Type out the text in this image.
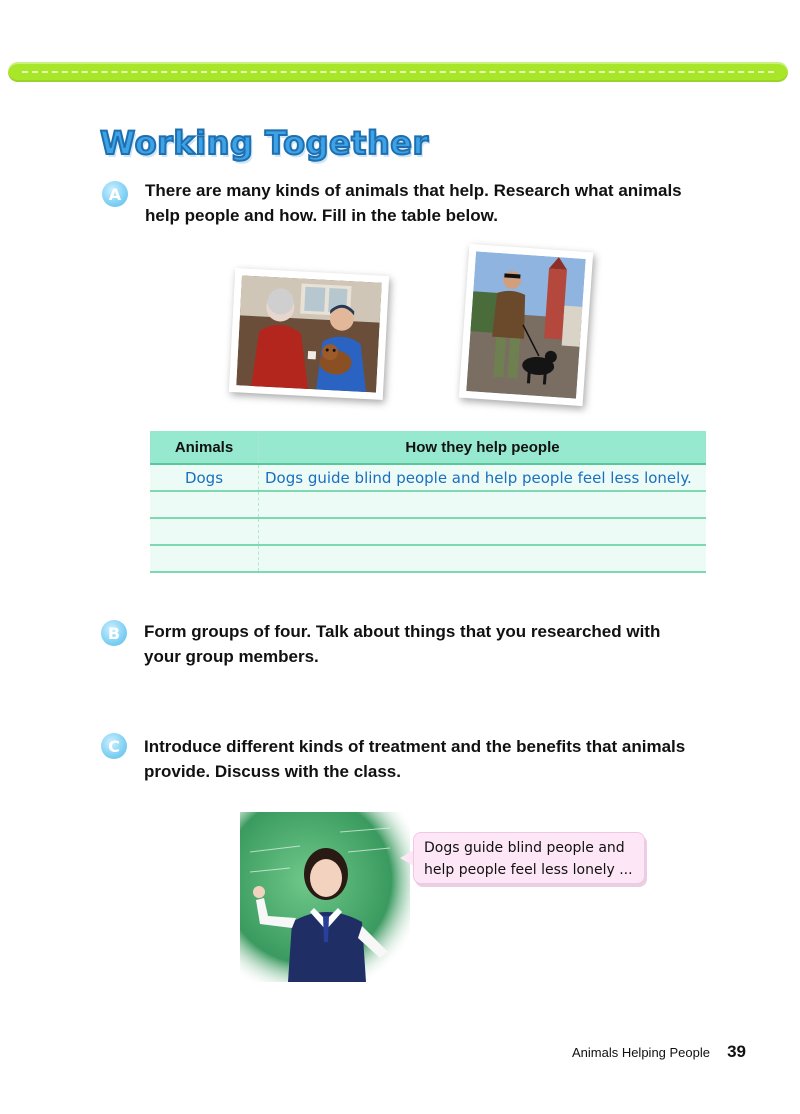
Working Together
A	There are many kinds of animals that help. Research what animals
help people and how. Fill in the table below.

Animals	How they help people
Dogs	Dogs guide blind people and help people feel less lonely.

B	Form groups of four. Talk about things that you researched with
your group members.

C	Introduce different kinds of treatment and the benefits that animals
provide. Discuss with the class.

Dogs guide blind people and
help people feel less lonely ...
Animals Helping People 39
